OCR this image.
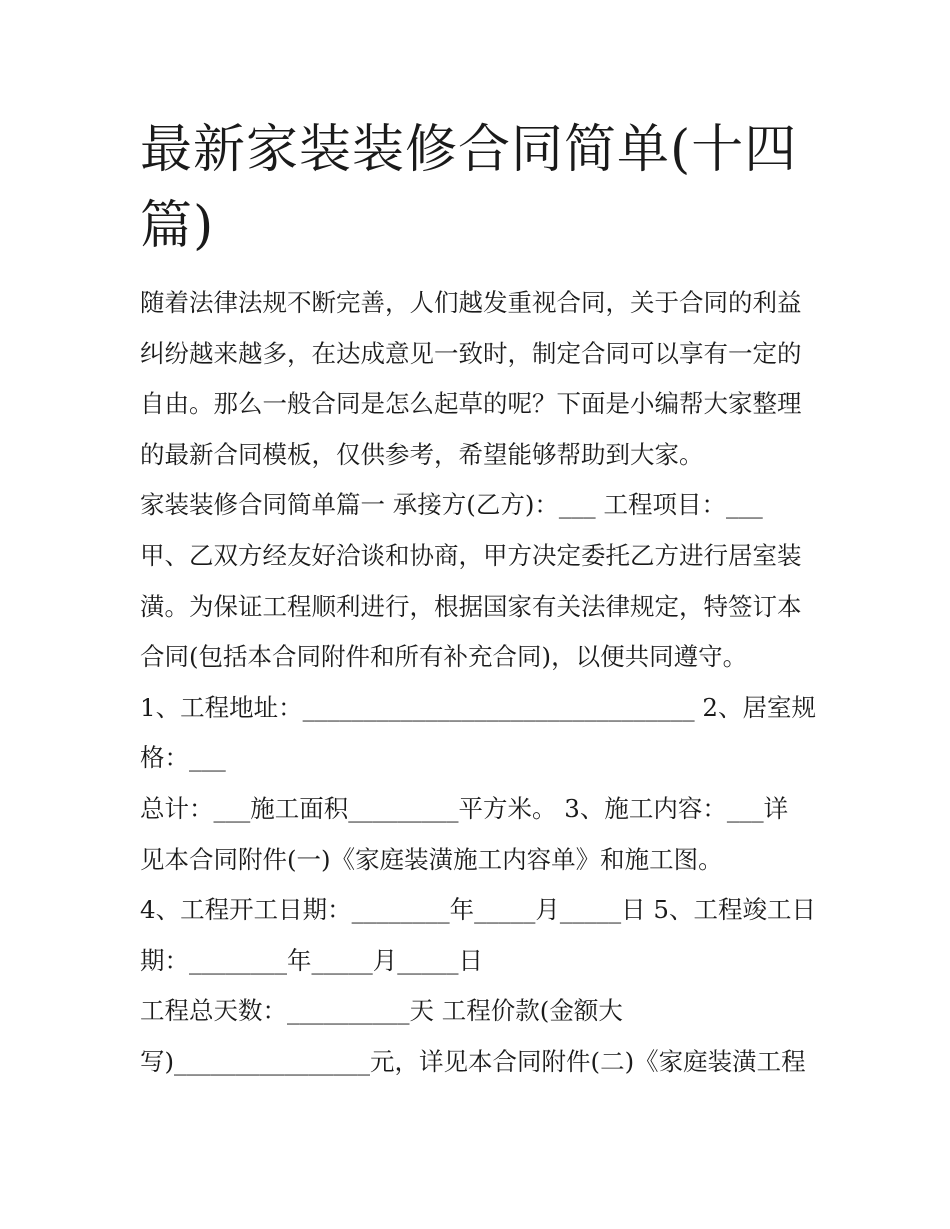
最新家装装修合同简单(十四
篇)
随着法律法规不断完善，人们越发重视合同，关于合同的利益
纠纷越来越多，在达成意见一致时，制定合同可以享有一定的
自由。那么一般合同是怎么起草的呢？下面是小编帮大家整理
的最新合同模板，仅供参考，希望能够帮助到大家。
家装装修合同简单篇一 承接方(乙方)：___ 工程项目：___
甲、乙双方经友好洽谈和协商，甲方决定委托乙方进行居室装
潢。为保证工程顺利进行，根据国家有关法律规定，特签订本
合同(包括本合同附件和所有补充合同)，以便共同遵守。
1、工程地址：________________________________ 2、居室规
格：___
总计：___施工面积_________平方米。 3、施工内容：___详
见本合同附件(一)《家庭装潢施工内容单》和施工图。
4、工程开工日期：________年_____月_____日 5、工程竣工日
期：________年_____月_____日
工程总天数：__________天 工程价款(金额大
写)________________元，详见本合同附件(二)《家庭装潢工程
